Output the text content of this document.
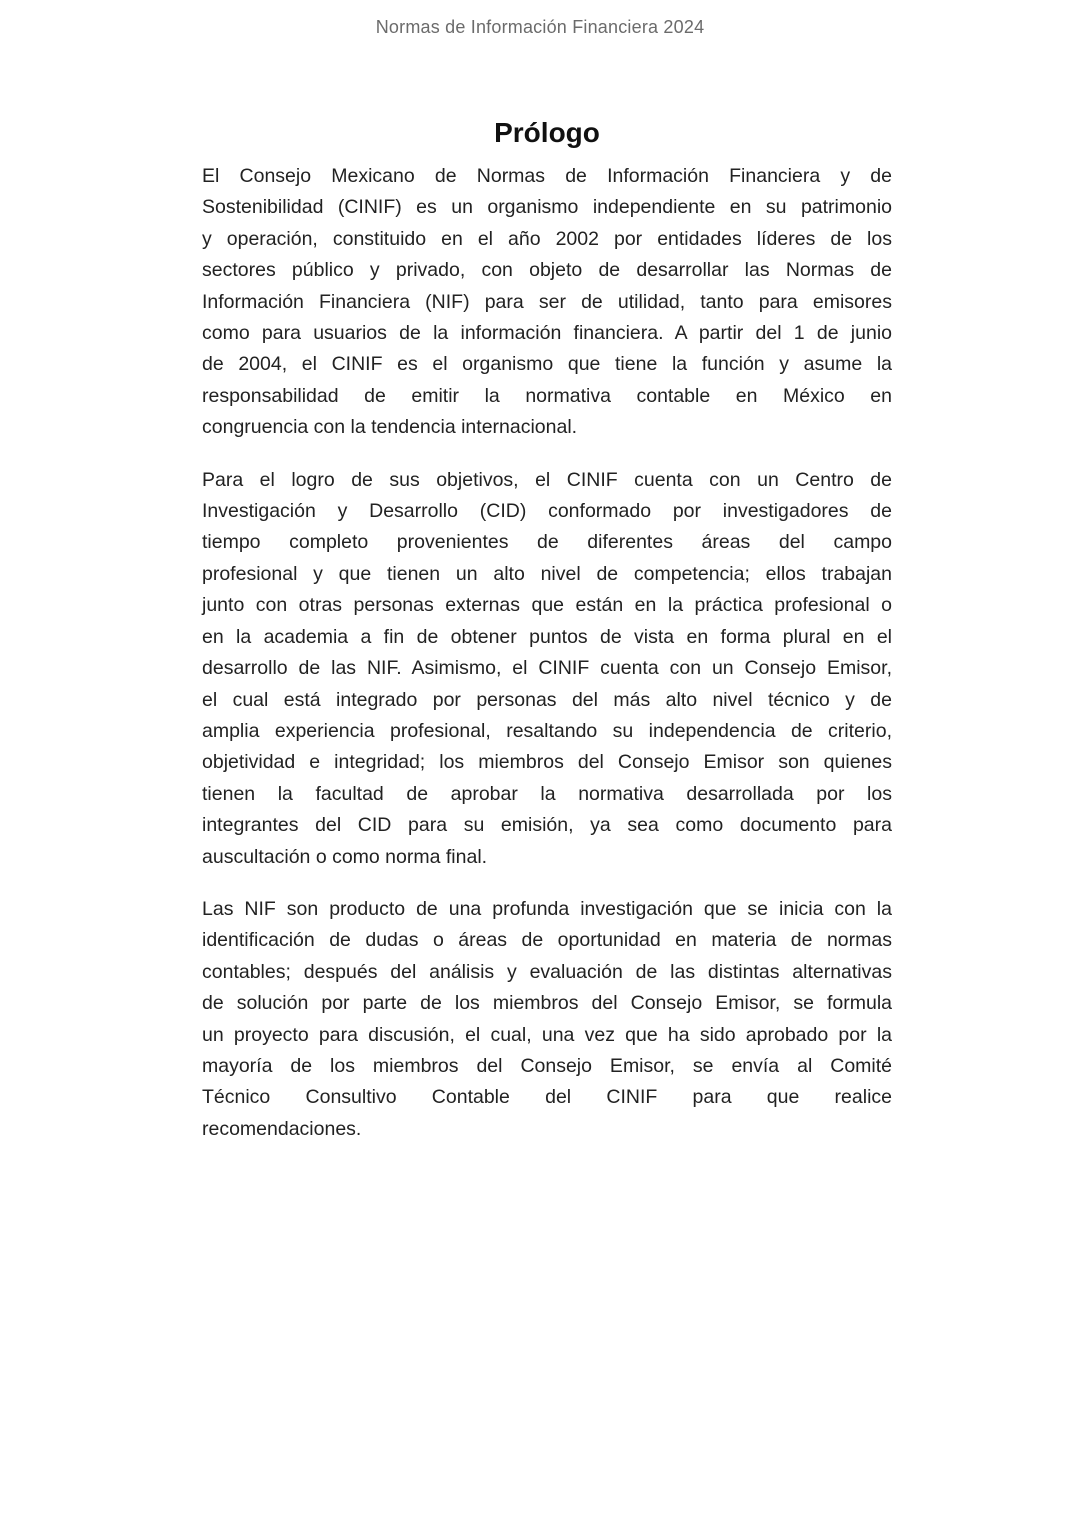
Normas de Información Financiera 2024
Prólogo

El Consejo Mexicano de Normas de Información Financiera y de
Sostenibilidad (CINIF) es un organismo independiente en su patrimonio
y operación, constituido en el año 2002 por entidades líderes de los
sectores público y privado, con objeto de desarrollar las Normas de
Información Financiera (NIF) para ser de utilidad, tanto para emisores
como para usuarios de la información financiera. A partir del 1 de junio
de 2004, el CINIF es el organismo que tiene la función y asume la
responsabilidad de emitir la normativa contable en México en
congruencia con la tendencia internacional.

Para el logro de sus objetivos, el CINIF cuenta con un Centro de
Investigación y Desarrollo (CID) conformado por investigadores de
tiempo completo provenientes de diferentes áreas del campo
profesional y que tienen un alto nivel de competencia; ellos trabajan
junto con otras personas externas que están en la práctica profesional o
en la academia a fin de obtener puntos de vista en forma plural en el
desarrollo de las NIF. Asimismo, el CINIF cuenta con un Consejo Emisor,
el cual está integrado por personas del más alto nivel técnico y de
amplia experiencia profesional, resaltando su independencia de criterio,
objetividad e integridad; los miembros del Consejo Emisor son quienes
tienen la facultad de aprobar la normativa desarrollada por los
integrantes del CID para su emisión, ya sea como documento para
auscultación o como norma final.

Las NIF son producto de una profunda investigación que se inicia con la
identificación de dudas o áreas de oportunidad en materia de normas
contables; después del análisis y evaluación de las distintas alternativas
de solución por parte de los miembros del Consejo Emisor, se formula
un proyecto para discusión, el cual, una vez que ha sido aprobado por la
mayoría de los miembros del Consejo Emisor, se envía al Comité
Técnico Consultivo Contable del CINIF para que realice
recomendaciones.
